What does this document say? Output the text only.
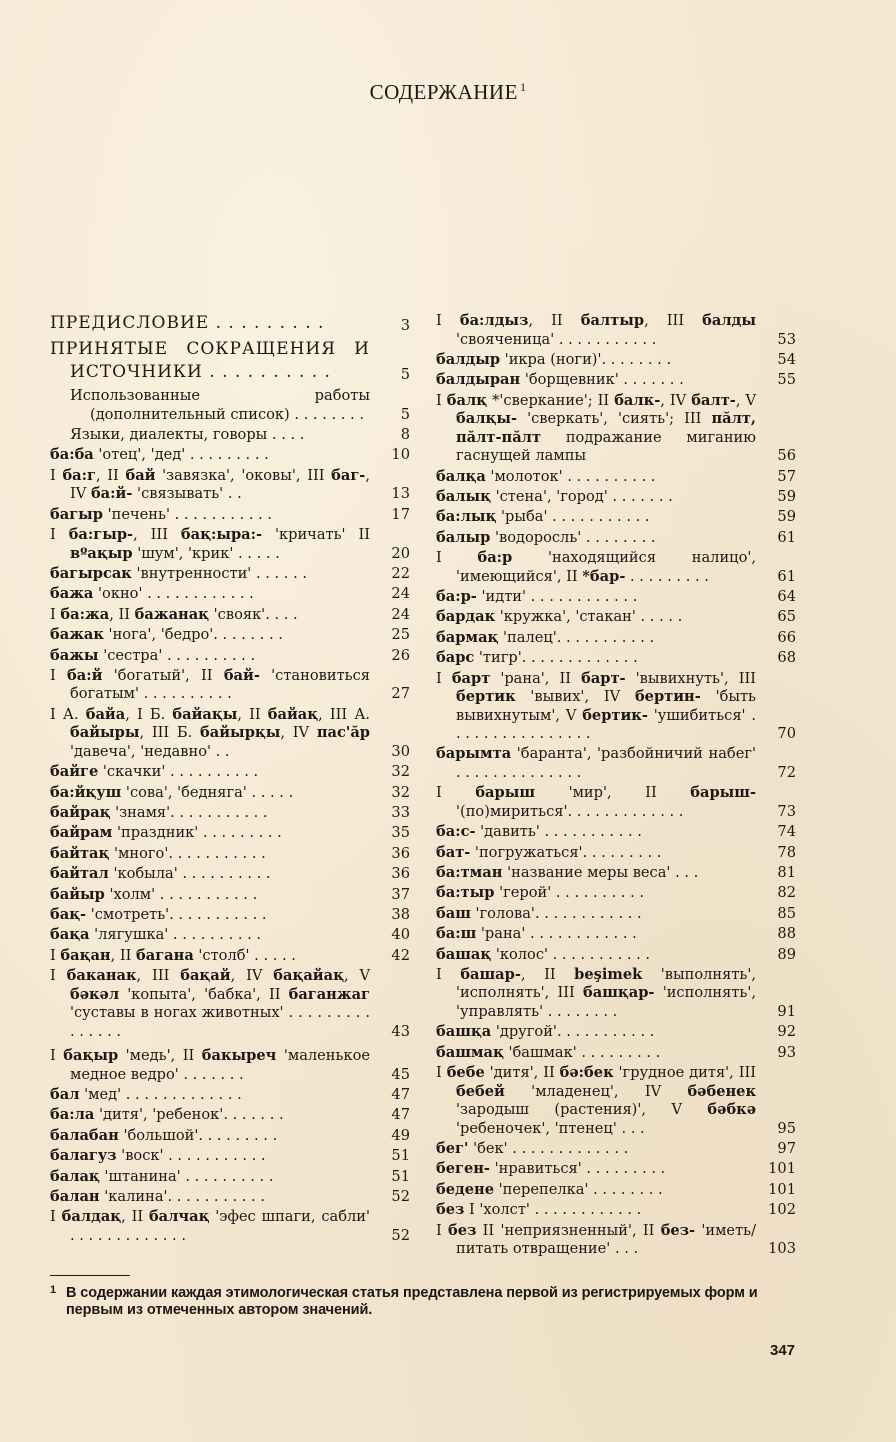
СОДЕРЖАНИЕ $^1$
ПРЕДИСЛОВИЕ . . . . . . . . .	3
ПРИНЯТЫЕ СОКРАЩЕНИЯ И ИСТОЧНИКИ . . . . . . . . . .	5
Использованные работы (дополнительный список) . . . . . . . .	5
Языки, диалекты, говоры . . . .	8
ба:ба 'отец', 'дед' . . . . . . . . .	10
I ба:г, II бай 'завязка', 'оковы', III баг-, IV ба:й- 'связывать' . .	13
багыр 'печень' . . . . . . . . . . .	17
I ба:гыр-, III бақ:ыра:- 'кричать' II вºақыр 'шум', 'крик' . . . . .	20
багырсак 'внутренности' . . . . . .	22
бажа 'окно' . . . . . . . . . . . .	24
I ба:жа, II бажанақ 'свояк'. . . .	24
бажак 'нога', 'бедро'. . . . . . . .	25
бажы 'сестра' . . . . . . . . . .	26
I ба:й 'богатый', II бай- 'становиться богатым' . . . . . . . . . .	27
I А. байа, I Б. байақы, II байақ, III А. байыры, III Б. байырқы, IV пас'ăр 'давеча', 'недавно' . .	30
байге 'скачки' . . . . . . . . . .	32
ба:йқуш 'сова', 'бедняга' . . . . .	32
байрақ 'знамя'. . . . . . . . . . .	33
байрам 'праздник' . . . . . . . . .	35
байтақ 'много'. . . . . . . . . . .	36
байтал 'кобыла' . . . . . . . . . .	36
байыр 'холм' . . . . . . . . . . .	37
бақ- 'смотреть'. . . . . . . . . . .	38
бақа 'лягушка' . . . . . . . . . .	40
I бақан, II багана 'столб' . . . . .	42
I баканак, III бақай, IV бақайақ, V бәкәл 'копыта', 'бабка', II баганжаг 'суставы в ногах животных' . . . . . . . . . . . . . . .	43
I бақыр 'медь', II бакыреч 'маленькое медное ведро' . . . . . . .	45
бал 'мед' . . . . . . . . . . . . .	47
ба:ла 'дитя', 'ребенок'. . . . . . .	47
балабан 'большой'. . . . . . . . .	49
балагуз 'воск' . . . . . . . . . . .	51
балақ 'штанина' . . . . . . . . . .	51
балан 'калина'. . . . . . . . . . .	52
I балдақ, II балчақ 'эфес шпаги, сабли' . . . . . . . . . . . . .	52
I ба:лдыз, II балтыр, III балды 'свояченица' . . . . . . . . . . .	53
балдыр 'икра (ноги)'. . . . . . . .	54
балдыран 'борщевник' . . . . . . .	55
I балқ *'сверкание'; II балк-, IV балт-, V балқы- 'сверкать', 'сиять'; III пăлт, пăлт-пăлт подражание миганию гаснущей лампы	56
балқа 'молоток' . . . . . . . . . .	57
балық 'стена', 'город' . . . . . . .	59
ба:лық 'рыба' . . . . . . . . . . .	59
балыр 'водоросль' . . . . . . . .	61
I ба:р 'находящийся налицо', 'имеющийся', II *бар- . . . . . . . . .	61
ба:р- 'идти' . . . . . . . . . . . .	64
бардак 'кружка', 'стакан' . . . . .	65
бармақ 'палец'. . . . . . . . . . .	66
барс 'тигр'. . . . . . . . . . . . .	68
I барт 'рана', II барт- 'вывихнуть', III бертик 'вывих', IV бертин- 'быть вывихнутым', V бертик- 'ушибиться' . . . . . . . . . . . . . . . .	70
барымта 'баранта', 'разбойничий набег' . . . . . . . . . . . . . .	72
I барыш 'мир', II барыш- '(по)мириться'. . . . . . . . . . . . .	73
ба:с- 'давить' . . . . . . . . . . .	74
бат- 'погружаться'. . . . . . . . .	78
ба:тман 'название меры веса' . . .	81
ба:тыр 'герой' . . . . . . . . . .	82
баш 'голова'. . . . . . . . . . . .	85
ба:ш 'рана' . . . . . . . . . . . .	88
башақ 'колос' . . . . . . . . . . .	89
I башар-, II beşimek 'выполнять', 'исполнять', III башқар- 'исполнять', 'управлять' . . . . . . . .	91
башқа 'другой'. . . . . . . . . . .	92
башмақ 'башмак' . . . . . . . . .	93
I бебе 'дитя', II бә:бек 'грудное дитя', III бебей 'младенец', IV бәбенек 'зародыш (растения)', V бәбкә 'ребеночек', 'птенец' . . .	95
бег' 'бек' . . . . . . . . . . . . .	97
беген- 'нравиться' . . . . . . . . .	101
бедене 'перепелка' . . . . . . . .	101
без I 'холст' . . . . . . . . . . . .	102
I без II 'неприязненный', II без- 'иметь/питать отвращение' . . .	103
1 В содержании каждая этимологическая статья представлена первой из регистрируемых форм и первым из отмеченных автором значений.
347
